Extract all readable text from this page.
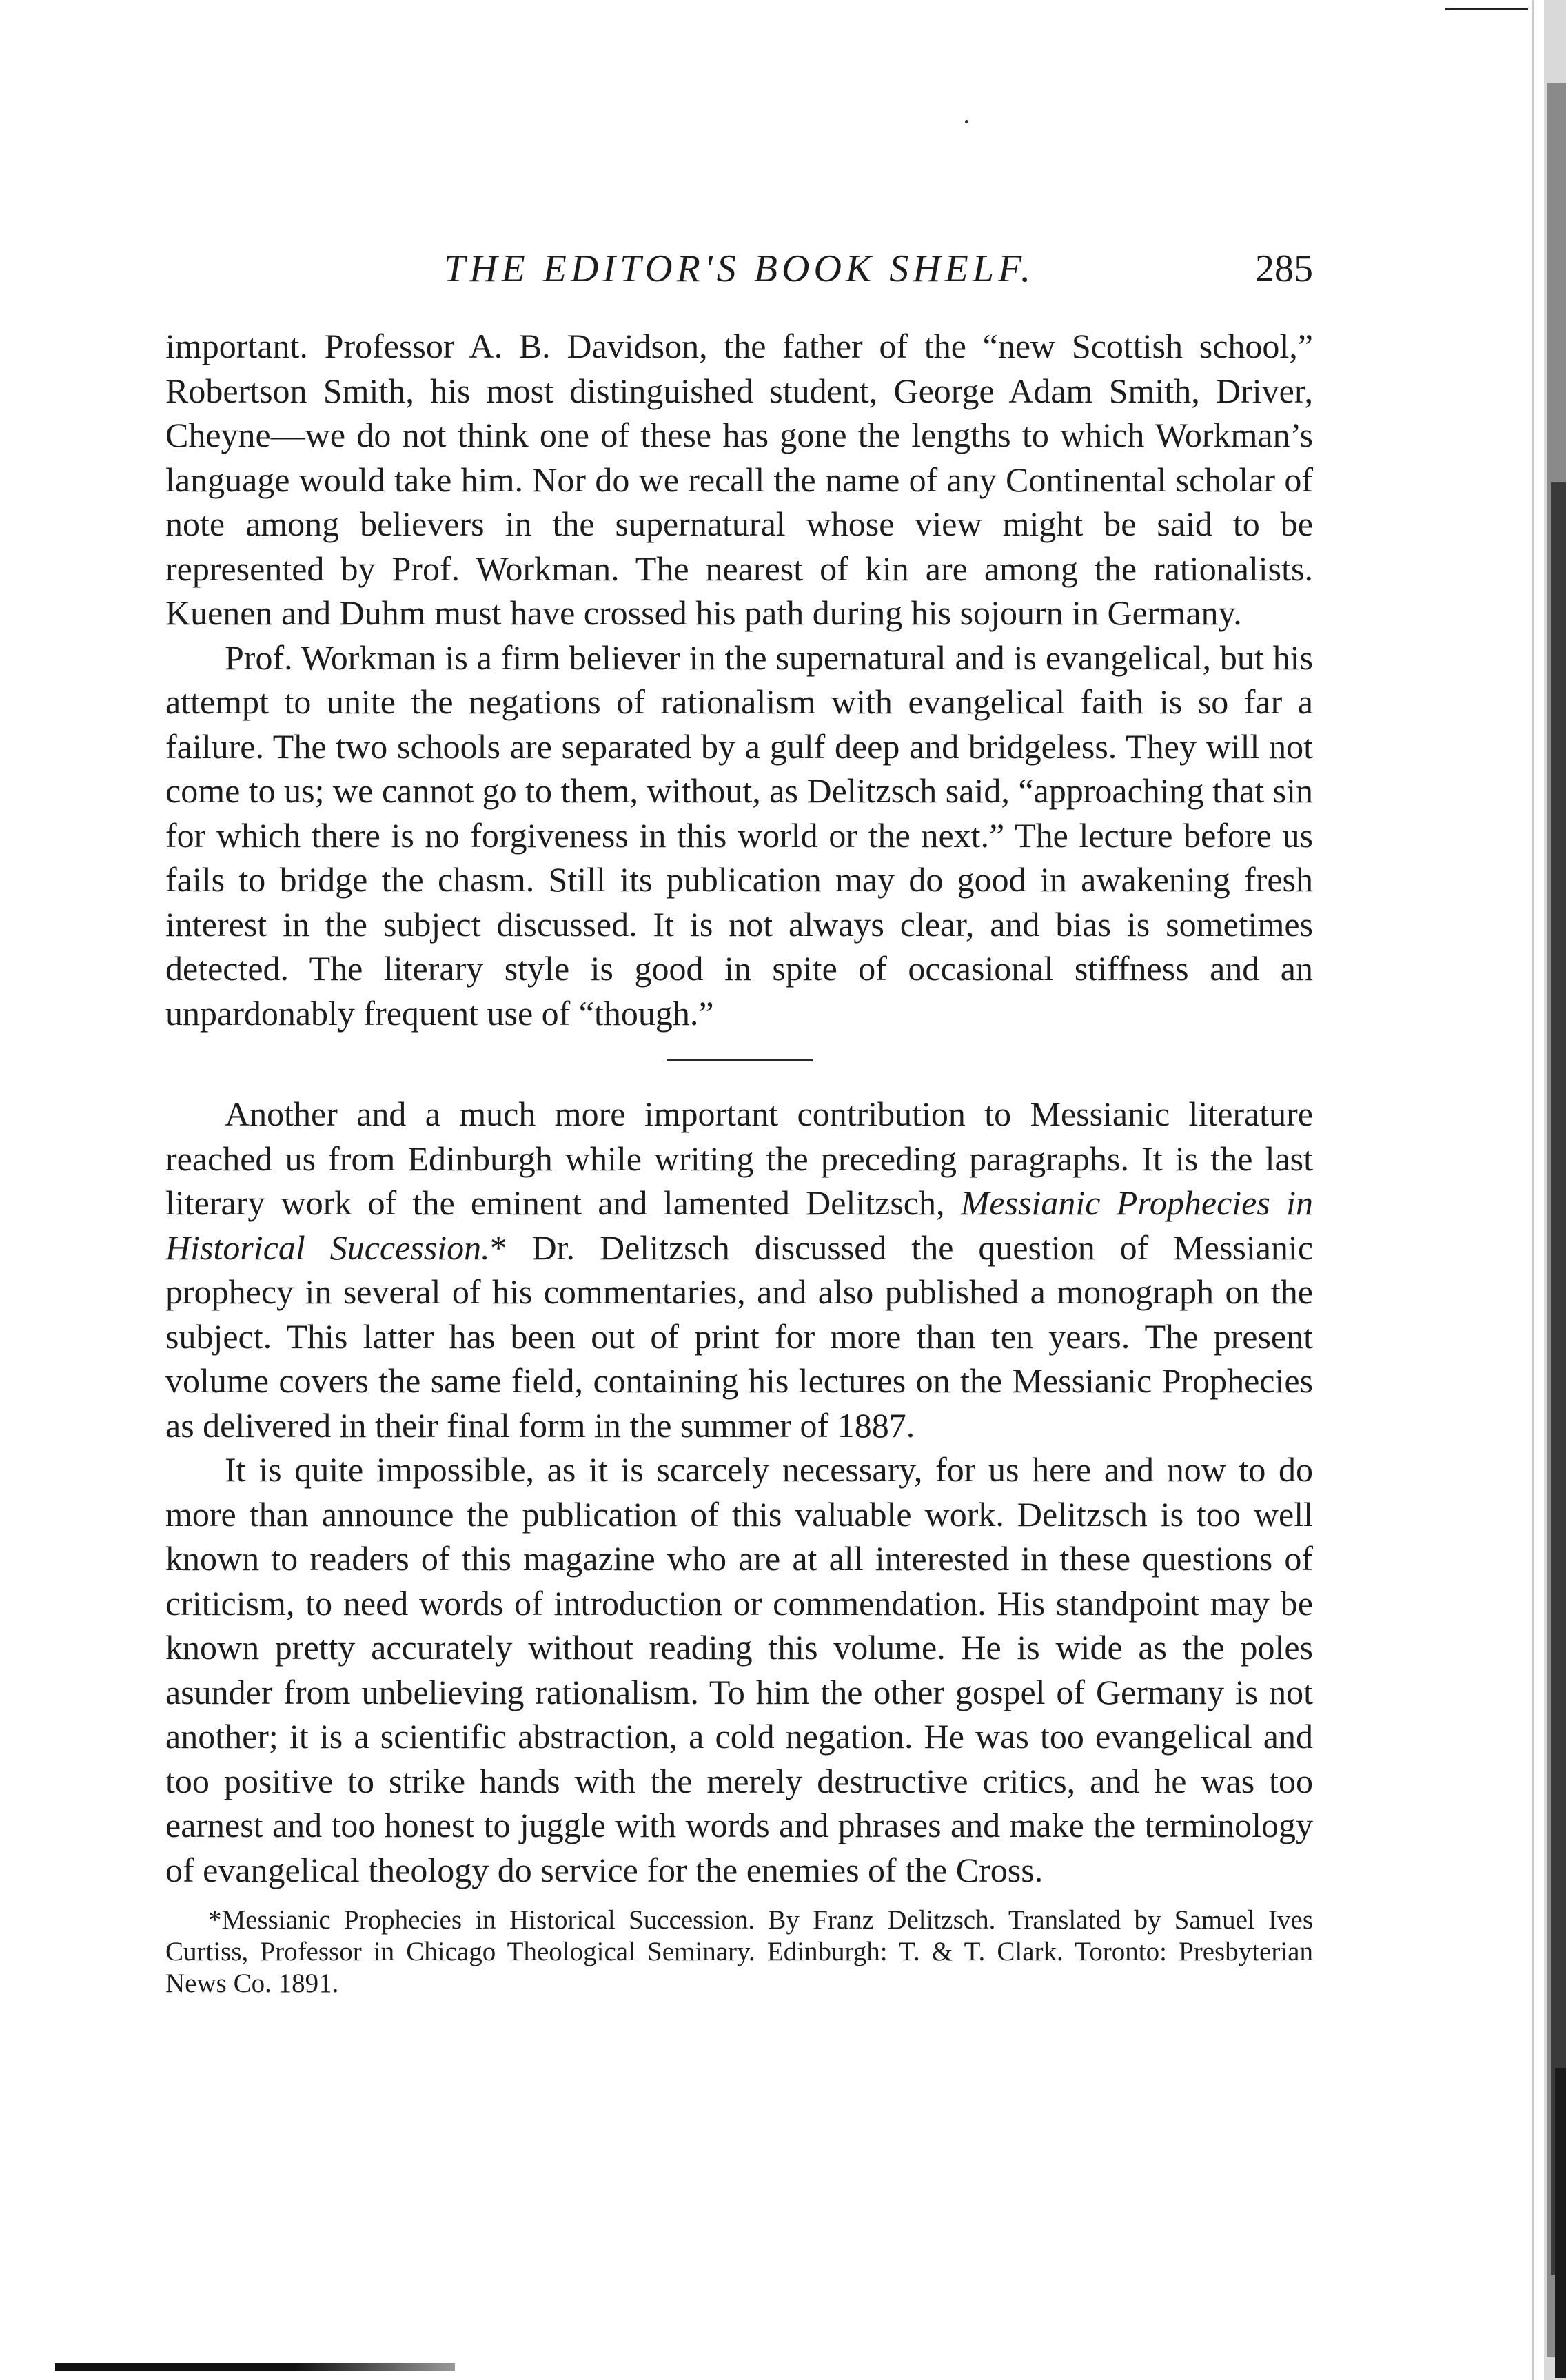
THE EDITOR'S BOOK SHELF.	285

important. Professor A. B. Davidson, the father of the “new Scottish school,” Robertson Smith, his most distinguished student, George Adam Smith, Driver, Cheyne—we do not think one of these has gone the lengths to which Workman’s language would take him. Nor do we recall the name of any Continental scholar of note among believers in the supernatural whose view might be said to be represented by Prof. Workman. The nearest of kin are among the rationalists. Kuenen and Duhm must have crossed his path during his sojourn in Germany.

Prof. Workman is a firm believer in the supernatural and is evangelical, but his attempt to unite the negations of rationalism with evangelical faith is so far a failure. The two schools are separated by a gulf deep and bridgeless. They will not come to us; we cannot go to them, without, as Delitzsch said, “approaching that sin for which there is no forgiveness in this world or the next.” The lecture before us fails to bridge the chasm. Still its publication may do good in awakening fresh interest in the subject discussed. It is not always clear, and bias is sometimes detected. The literary style is good in spite of occasional stiffness and an unpardonably frequent use of “though.”

Another and a much more important contribution to Messianic literature reached us from Edinburgh while writing the preceding paragraphs. It is the last literary work of the eminent and lamented Delitzsch, Messianic Prophecies in Historical Succession.* Dr. Delitzsch discussed the question of Messianic prophecy in several of his commentaries, and also published a monograph on the subject. This latter has been out of print for more than ten years. The present volume covers the same field, containing his lectures on the Messianic Prophecies as delivered in their final form in the summer of 1887.

It is quite impossible, as it is scarcely necessary, for us here and now to do more than announce the publication of this valuable work. Delitzsch is too well known to readers of this magazine who are at all interested in these questions of criticism, to need words of introduction or commendation. His standpoint may be known pretty accurately without reading this volume. He is wide as the poles asunder from unbelieving rationalism. To him the other gospel of Germany is not another; it is a scientific abstraction, a cold negation. He was too evangelical and too positive to strike hands with the merely destructive critics, and he was too earnest and too honest to juggle with words and phrases and make the terminology of evangelical theology do service for the enemies of the Cross.

*Messianic Prophecies in Historical Succession. By Franz Delitzsch. Translated by Samuel Ives Curtiss, Professor in Chicago Theological Seminary. Edinburgh: T. & T. Clark. Toronto: Presbyterian News Co. 1891.
